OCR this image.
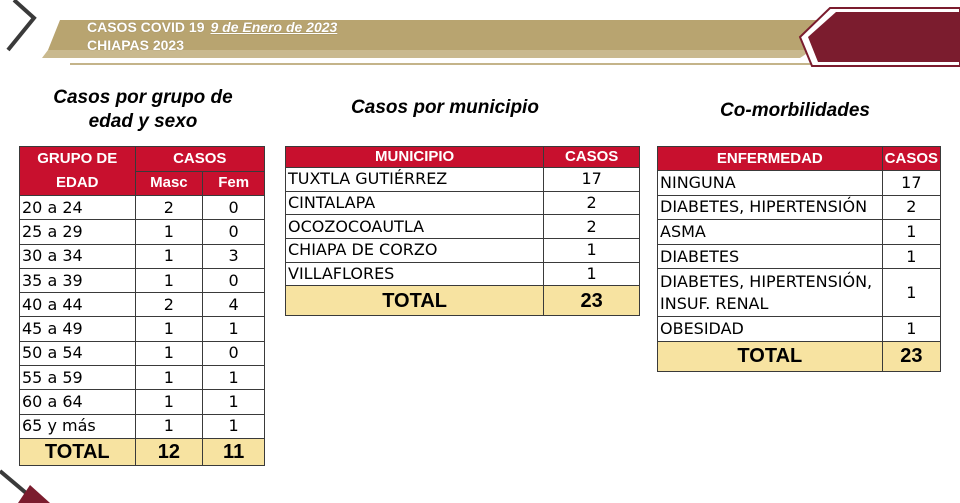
CASOS COVID 19 9 de Enero de 2023
CHIAPAS 2023
Casos por grupo de
edad y sexo
Casos por municipio	Co-morbilidades
GRUPO DE
EDAD	CASOS	
	Masc	Fem
20 a 24	2	0
25 a 29	1	0
30 a 34	1	3
35 a 39	1	0
40 a 44	2	4
45 a 49	1	1
50 a 54	1	0
55 a 59	1	1
60 a 64	1	1
65 y más	1	1
TOTAL	12	11
MUNICIPIO	CASOS
TUXTLA GUTIÉRREZ	17
CINTALAPA	2
OCOZOCOAUTLA	2
CHIAPA DE CORZO	1
VILLAFLORES	1
TOTAL	23
ENFERMEDAD	CASOS

NINGUNA	17

DIABETES, HIPERTENSIÓN	2

ASMA	1

DIABETES	1

DIABETES, HIPERTENSIÓN,
INSUF. RENAL	1

OBESIDAD	1
TOTAL	23
